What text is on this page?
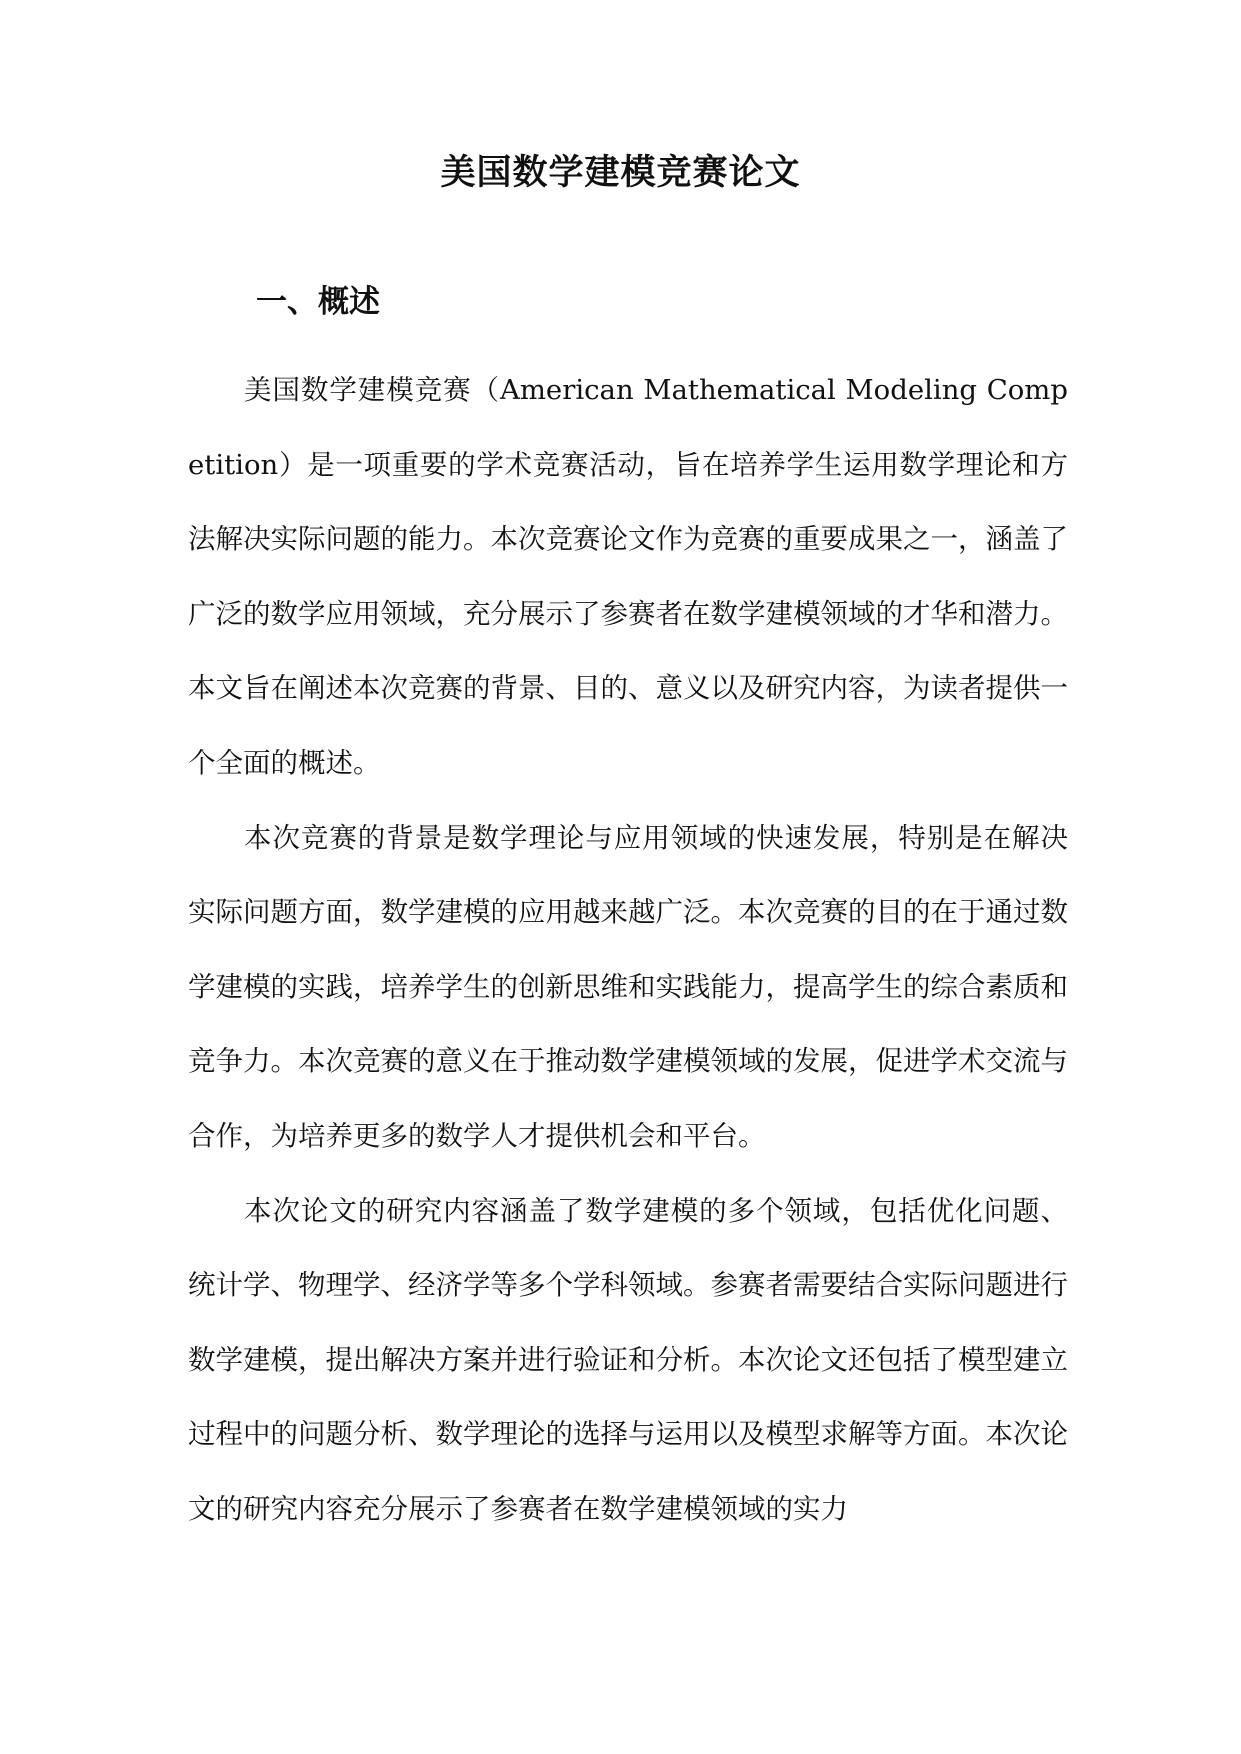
美国数学建模竞赛论文
一、概述

美国数学建模竞赛（American Mathematical Modeling Competition）是一项重要的学术竞赛活动，旨在培养学生运用数学理论和方法解决实际问题的能力。本次竞赛论文作为竞赛的重要成果之一，涵盖了广泛的数学应用领域，充分展示了参赛者在数学建模领域的才华和潜力。本文旨在阐述本次竞赛的背景、目的、意义以及研究内容，为读者提供一个全面的概述。

本次竞赛的背景是数学理论与应用领域的快速发展，特别是在解决实际问题方面，数学建模的应用越来越广泛。本次竞赛的目的在于通过数学建模的实践，培养学生的创新思维和实践能力，提高学生的综合素质和竞争力。本次竞赛的意义在于推动数学建模领域的发展，促进学术交流与合作，为培养更多的数学人才提供机会和平台。

本次论文的研究内容涵盖了数学建模的多个领域，包括优化问题、统计学、物理学、经济学等多个学科领域。参赛者需要结合实际问题进行数学建模，提出解决方案并进行验证和分析。本次论文还包括了模型建立过程中的问题分析、数学理论的选择与运用以及模型求解等方面。本次论文的研究内容充分展示了参赛者在数学建模领域的实力
